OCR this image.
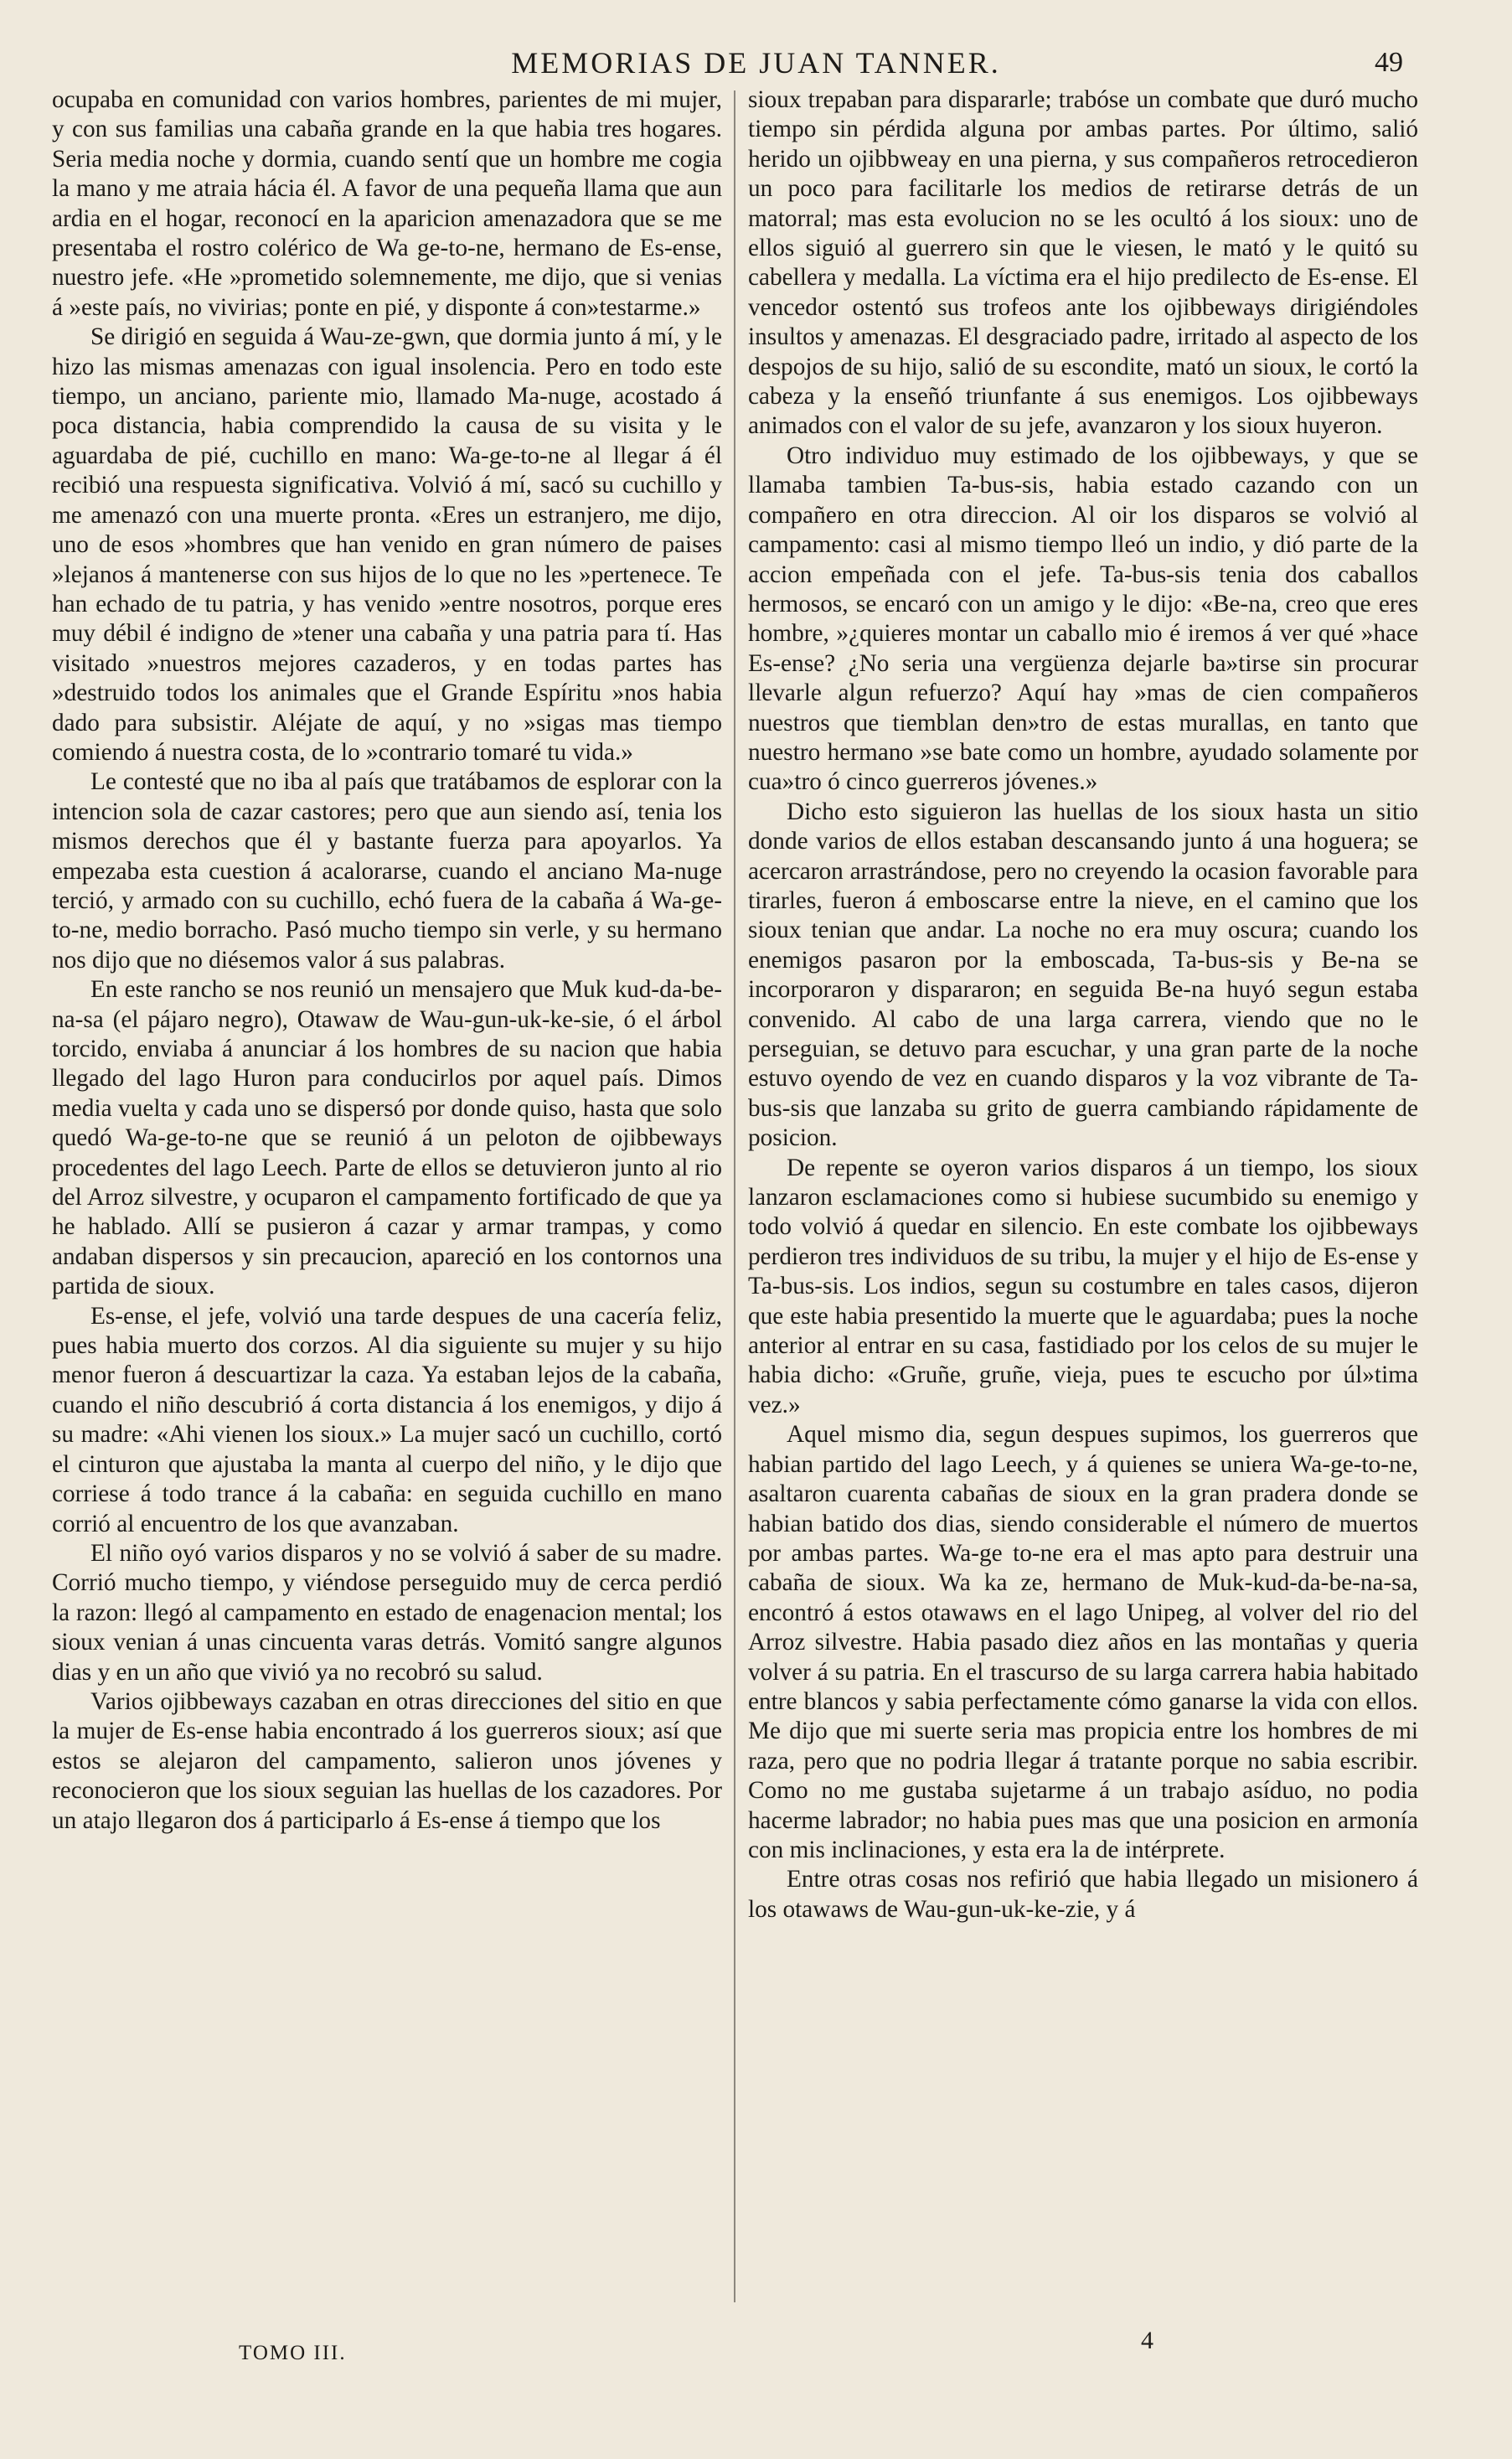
MEMORIAS DE JUAN TANNER.	49

ocupaba en comunidad con varios hombres, parientes de mi mujer, y con sus familias una cabaña grande en la que habia tres hogares. Seria media noche y dormia, cuando sentí que un hombre me cogia la mano y me atraia hácia él. A favor de una pequeña llama que aun ardia en el hogar, reconocí en la aparicion amenazadora que se me presentaba el rostro colérico de Wa ge-to-ne, hermano de Es-ense, nuestro jefe. «He »prometido solemnemente, me dijo, que si venias á »este país, no vivirias; ponte en pié, y disponte á con»testarme.»

Se dirigió en seguida á Wau-ze-gwn, que dormia junto á mí, y le hizo las mismas amenazas con igual insolencia. Pero en todo este tiempo, un anciano, pariente mio, llamado Ma-nuge, acostado á poca distancia, habia comprendido la causa de su visita y le aguardaba de pié, cuchillo en mano: Wa-ge-to-ne al llegar á él recibió una respuesta significativa. Volvió á mí, sacó su cuchillo y me amenazó con una muerte pronta. «Eres un estranjero, me dijo, uno de esos »hombres que han venido en gran número de paises »lejanos á mantenerse con sus hijos de lo que no les »pertenece. Te han echado de tu patria, y has venido »entre nosotros, porque eres muy débil é indigno de »tener una cabaña y una patria para tí. Has visitado »nuestros mejores cazaderos, y en todas partes has »destruido todos los animales que el Grande Espíritu »nos habia dado para subsistir. Aléjate de aquí, y no »sigas mas tiempo comiendo á nuestra costa, de lo »contrario tomaré tu vida.»

Le contesté que no iba al país que tratábamos de esplorar con la intencion sola de cazar castores; pero que aun siendo así, tenia los mismos derechos que él y bastante fuerza para apoyarlos. Ya empezaba esta cuestion á acalorarse, cuando el anciano Ma-nuge terció, y armado con su cuchillo, echó fuera de la cabaña á Wa-ge-to-ne, medio borracho. Pasó mucho tiempo sin verle, y su hermano nos dijo que no diésemos valor á sus palabras.

En este rancho se nos reunió un mensajero que Muk kud-da-be-na-sa (el pájaro negro), Otawaw de Wau-gun-uk-ke-sie, ó el árbol torcido, enviaba á anunciar á los hombres de su nacion que habia llegado del lago Huron para conducirlos por aquel país. Dimos media vuelta y cada uno se dispersó por donde quiso, hasta que solo quedó Wa-ge-to-ne que se reunió á un peloton de ojibbeways procedentes del lago Leech. Parte de ellos se detuvieron junto al rio del Arroz silvestre, y ocuparon el campamento fortificado de que ya he hablado. Allí se pusieron á cazar y armar trampas, y como andaban dispersos y sin precaucion, apareció en los contornos una partida de sioux.

Es-ense, el jefe, volvió una tarde despues de una cacería feliz, pues habia muerto dos corzos. Al dia siguiente su mujer y su hijo menor fueron á descuartizar la caza. Ya estaban lejos de la cabaña, cuando el niño descubrió á corta distancia á los enemigos, y dijo á su madre: «Ahi vienen los sioux.» La mujer sacó un cuchillo, cortó el cinturon que ajustaba la manta al cuerpo del niño, y le dijo que corriese á todo trance á la cabaña: en seguida cuchillo en mano corrió al encuentro de los que avanzaban.

El niño oyó varios disparos y no se volvió á saber de su madre. Corrió mucho tiempo, y viéndose perseguido muy de cerca perdió la razon: llegó al campamento en estado de enagenacion mental; los sioux venian á unas cincuenta varas detrás. Vomitó sangre algunos dias y en un año que vivió ya no recobró su salud.

Varios ojibbeways cazaban en otras direcciones del sitio en que la mujer de Es-ense habia encontrado á los guerreros sioux; así que estos se alejaron del campamento, salieron unos jóvenes y reconocieron que los sioux seguian las huellas de los cazadores. Por un atajo llegaron dos á participarlo á Es-ense á tiempo que los

sioux trepaban para dispararle; trabóse un combate que duró mucho tiempo sin pérdida alguna por ambas partes. Por último, salió herido un ojibbweay en una pierna, y sus compañeros retrocedieron un poco para facilitarle los medios de retirarse detrás de un matorral; mas esta evolucion no se les ocultó á los sioux: uno de ellos siguió al guerrero sin que le viesen, le mató y le quitó su cabellera y medalla. La víctima era el hijo predilecto de Es-ense. El vencedor ostentó sus trofeos ante los ojibbeways dirigiéndoles insultos y amenazas. El desgraciado padre, irritado al aspecto de los despojos de su hijo, salió de su escondite, mató un sioux, le cortó la cabeza y la enseñó triunfante á sus enemigos. Los ojibbeways animados con el valor de su jefe, avanzaron y los sioux huyeron.

Otro individuo muy estimado de los ojibbeways, y que se llamaba tambien Ta-bus-sis, habia estado cazando con un compañero en otra direccion. Al oir los disparos se volvió al campamento: casi al mismo tiempo lleó un indio, y dió parte de la accion empeñada con el jefe. Ta-bus-sis tenia dos caballos hermosos, se encaró con un amigo y le dijo: «Be-na, creo que eres hombre, »¿quieres montar un caballo mio é iremos á ver qué »hace Es-ense? ¿No seria una vergüenza dejarle ba»tirse sin procurar llevarle algun refuerzo? Aquí hay »mas de cien compañeros nuestros que tiemblan den»tro de estas murallas, en tanto que nuestro hermano »se bate como un hombre, ayudado solamente por cua»tro ó cinco guerreros jóvenes.»

Dicho esto siguieron las huellas de los sioux hasta un sitio donde varios de ellos estaban descansando junto á una hoguera; se acercaron arrastrándose, pero no creyendo la ocasion favorable para tirarles, fueron á emboscarse entre la nieve, en el camino que los sioux tenian que andar. La noche no era muy oscura; cuando los enemigos pasaron por la emboscada, Ta-bus-sis y Be-na se incorporaron y dispararon; en seguida Be-na huyó segun estaba convenido. Al cabo de una larga carrera, viendo que no le perseguian, se detuvo para escuchar, y una gran parte de la noche estuvo oyendo de vez en cuando disparos y la voz vibrante de Ta-bus-sis que lanzaba su grito de guerra cambiando rápidamente de posicion.

De repente se oyeron varios disparos á un tiempo, los sioux lanzaron esclamaciones como si hubiese sucumbido su enemigo y todo volvió á quedar en silencio. En este combate los ojibbeways perdieron tres individuos de su tribu, la mujer y el hijo de Es-ense y Ta-bus-sis. Los indios, segun su costumbre en tales casos, dijeron que este habia presentido la muerte que le aguardaba; pues la noche anterior al entrar en su casa, fastidiado por los celos de su mujer le habia dicho: «Gruñe, gruñe, vieja, pues te escucho por úl»tima vez.»

Aquel mismo dia, segun despues supimos, los guerreros que habian partido del lago Leech, y á quienes se uniera Wa-ge-to-ne, asaltaron cuarenta cabañas de sioux en la gran pradera donde se habian batido dos dias, siendo considerable el número de muertos por ambas partes. Wa-ge to-ne era el mas apto para destruir una cabaña de sioux. Wa ka ze, hermano de Muk-kud-da-be-na-sa, encontró á estos otawaws en el lago Unipeg, al volver del rio del Arroz silvestre. Habia pasado diez años en las montañas y queria volver á su patria. En el trascurso de su larga carrera habia habitado entre blancos y sabia perfectamente cómo ganarse la vida con ellos. Me dijo que mi suerte seria mas propicia entre los hombres de mi raza, pero que no podria llegar á tratante porque no sabia escribir. Como no me gustaba sujetarme á un trabajo asíduo, no podia hacerme labrador; no habia pues mas que una posicion en armonía con mis inclinaciones, y esta era la de intérprete.

Entre otras cosas nos refirió que habia llegado un misionero á los otawaws de Wau-gun-uk-ke-zie, y á

TOMO III.	4
